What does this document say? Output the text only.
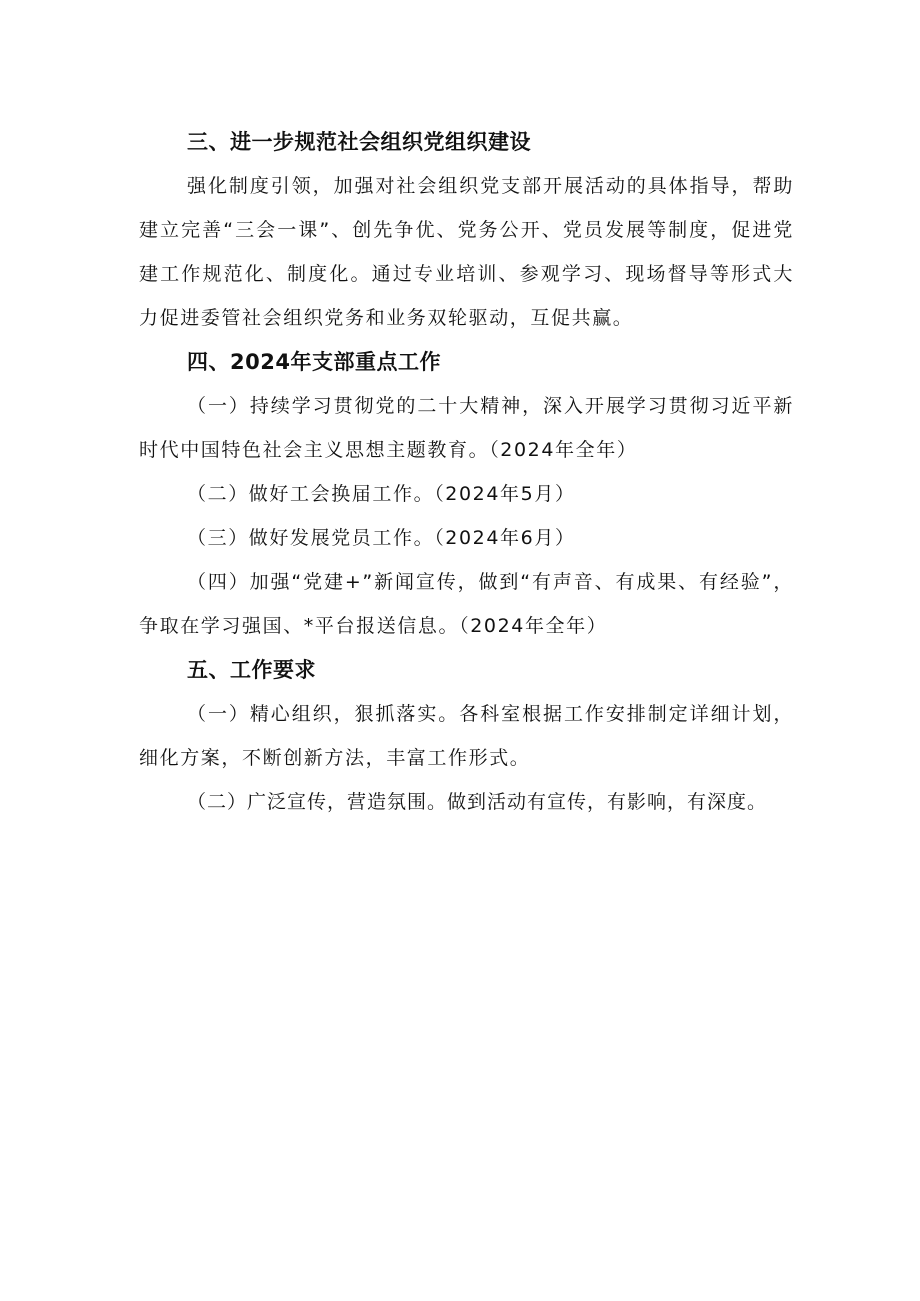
三、进一步规范社会组织党组织建设

强化制度引领，加强对社会组织党支部开展活动的具体指导，帮助建立完善“三会一课”、创先争优、党务公开、党员发展等制度，促进党建工作规范化、制度化。通过专业培训、参观学习、现场督导等形式大力促进委管社会组织党务和业务双轮驱动，互促共赢。

四、2024年支部重点工作

（一）持续学习贯彻党的二十大精神，深入开展学习贯彻习近平新时代中国特色社会主义思想主题教育。（2024年全年）

（二）做好工会换届工作。（2024年5月）

（三）做好发展党员工作。（2024年6月）

（四）加强“党建+”新闻宣传，做到“有声音、有成果、有经验”，争取在学习强国、*平台报送信息。（2024年全年）

五、工作要求

（一）精心组织，狠抓落实。各科室根据工作安排制定详细计划，细化方案，不断创新方法，丰富工作形式。

（二）广泛宣传，营造氛围。做到活动有宣传，有影响，有深度。
